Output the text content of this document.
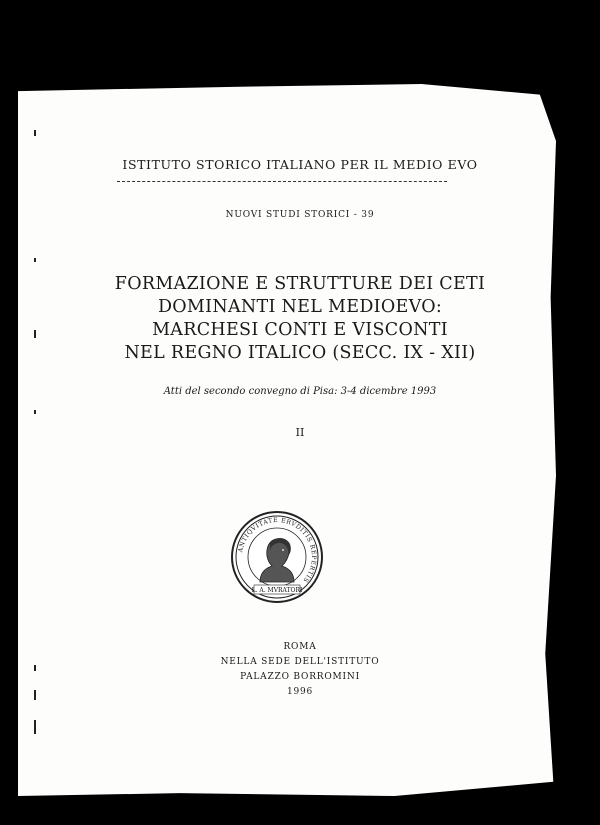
ISTITUTO STORICO ITALIANO PER IL MEDIO EVO
NUOVI STUDI STORICI - 39
FORMAZIONE E STRUTTURE DEI CETI
DOMINANTI NEL MEDIOEVO:
MARCHESI CONTI E VISCONTI
NEL REGNO ITALICO (SECC. IX - XII)
Atti del secondo convegno di Pisa: 3-4 dicembre 1993
II
ANTIQVITATE ERVDITIS REPERTIS
L. A. MVRATORI
ROMA
NELLA SEDE DELL'ISTITUTO
PALAZZO BORROMINI
1996
